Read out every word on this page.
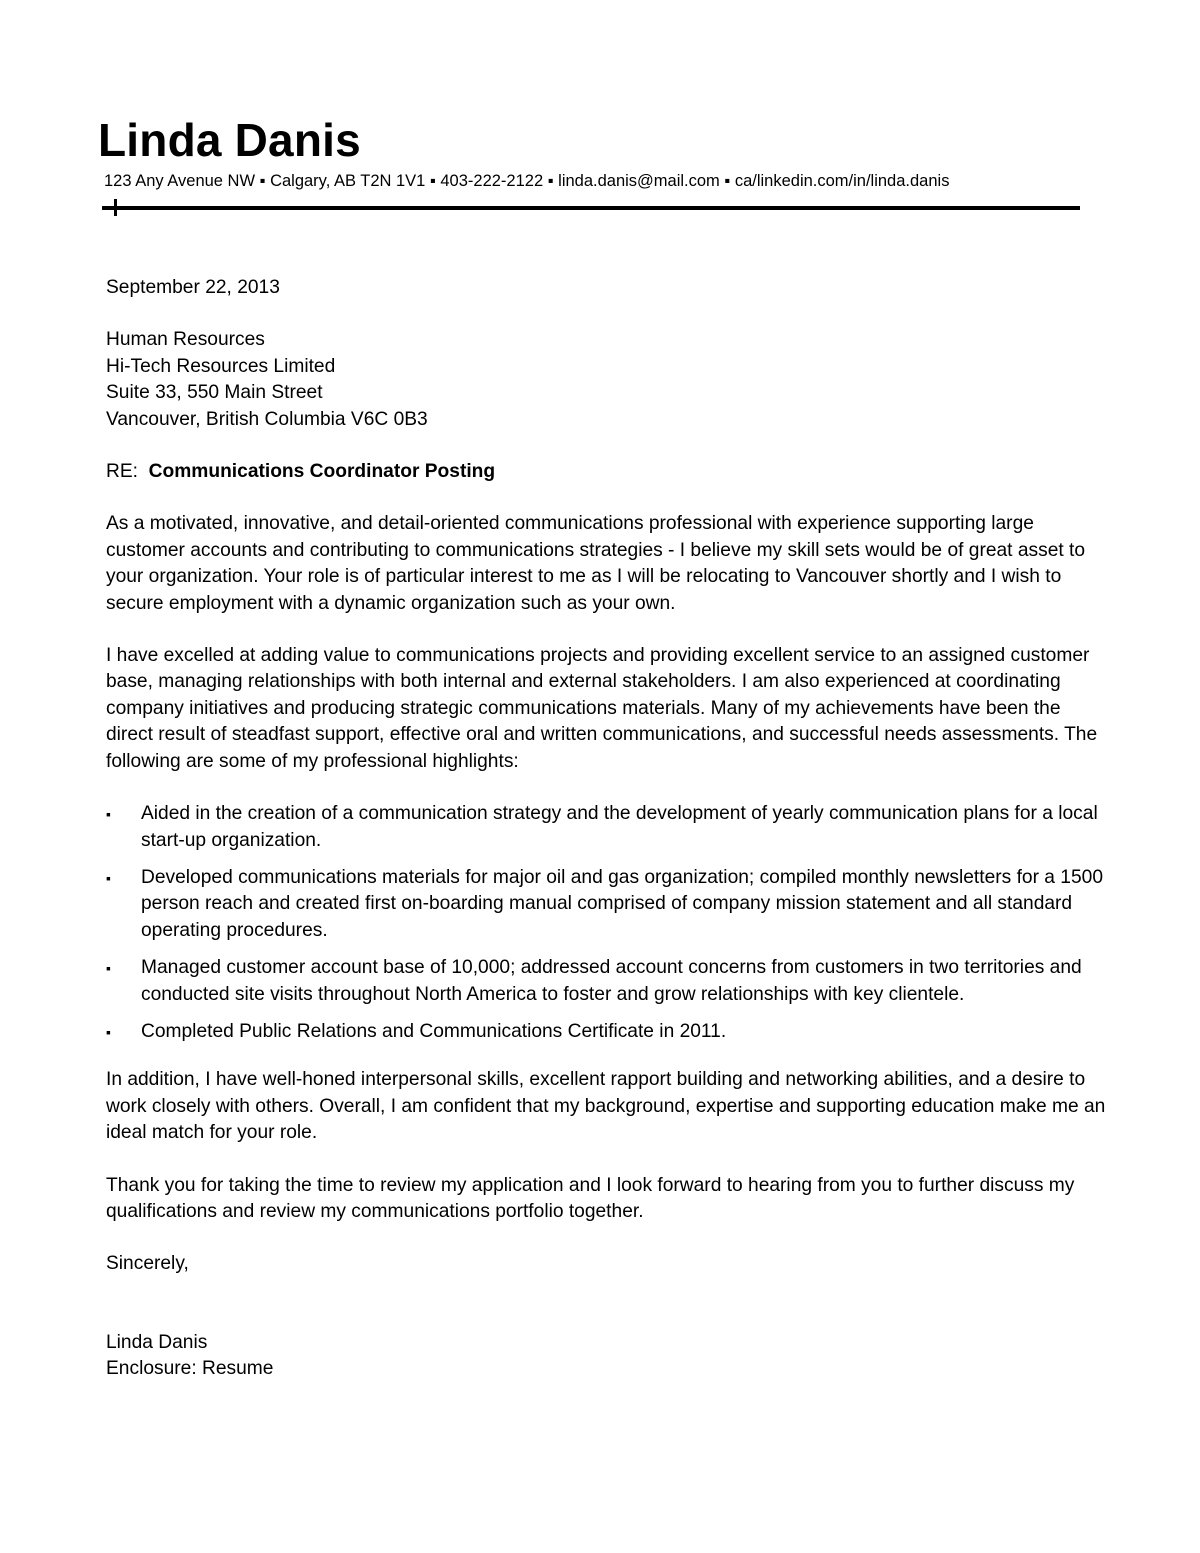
Linda Danis
123 Any Avenue NW ▪ Calgary, AB T2N 1V1 ▪ 403-222-2122 ▪ linda.danis@mail.com ▪ ca/linkedin.com/in/linda.danis

September 22, 2013

Human Resources

Hi-Tech Resources Limited

Suite 33, 550 Main Street

Vancouver, British Columbia V6C 0B3

RE: Communications Coordinator Posting

As a motivated, innovative, and detail-oriented communications professional with experience supporting large customer accounts and contributing to communications strategies - I believe my skill sets would be of great asset to your organization. Your role is of particular interest to me as I will be relocating to Vancouver shortly and I wish to secure employment with a dynamic organization such as your own.

I have excelled at adding value to communications projects and providing excellent service to an assigned customer base, managing relationships with both internal and external stakeholders. I am also experienced at coordinating company initiatives and producing strategic communications materials. Many of my achievements have been the direct result of steadfast support, effective oral and written communications, and successful needs assessments. The following are some of my professional highlights:

▪ Aided in the creation of a communication strategy and the development of yearly communication plans for a local start-up organization.
▪ Developed communications materials for major oil and gas organization; compiled monthly newsletters for a 1500 person reach and created first on-boarding manual comprised of company mission statement and all standard operating procedures.
▪ Managed customer account base of 10,000; addressed account concerns from customers in two territories and conducted site visits throughout North America to foster and grow relationships with key clientele.
▪ Completed Public Relations and Communications Certificate in 2011.

In addition, I have well-honed interpersonal skills, excellent rapport building and networking abilities, and a desire to work closely with others. Overall, I am confident that my background, expertise and supporting education make me an ideal match for your role.

Thank you for taking the time to review my application and I look forward to hearing from you to further discuss my qualifications and review my communications portfolio together.

Sincerely,

Linda Danis

Enclosure: Resume
